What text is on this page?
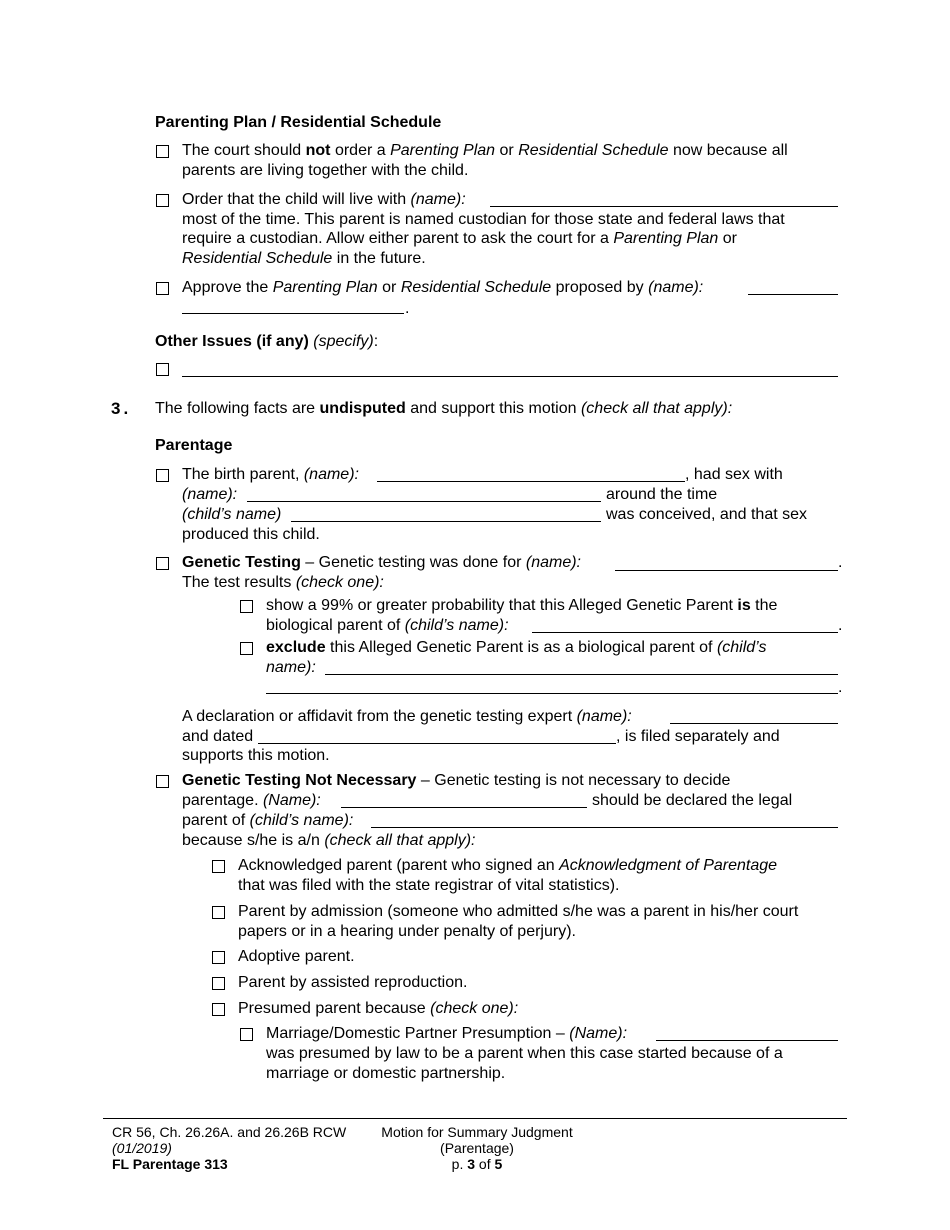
Parenting Plan / Residential Schedule
The court should not order a Parenting Plan or Residential Schedule now because all
parents are living together with the child.
Order that the child will live with (name):
most of the time. This parent is named custodian for those state and federal laws that
require a custodian. Allow either parent to ask the court for a Parenting Plan or
Residential Schedule in the future.
Approve the Parenting Plan or Residential Schedule proposed by (name):
.
Other Issues (if any) (specify):
3. The following facts are undisputed and support this motion (check all that apply):
Parentage
The birth parent, (name):	, had sex with
(name):	around the time
(child’s name)	was conceived, and that sex
produced this child.
Genetic Testing – Genetic testing was done for (name):	.
The test results (check one):
show a 99% or greater probability that this Alleged Genetic Parent is the
biological parent of (child’s name):	.
exclude this Alleged Genetic Parent is as a biological parent of (child’s
name):
.
A declaration or affidavit from the genetic testing expert (name):
and dated	, is filed separately and
supports this motion.
Genetic Testing Not Necessary – Genetic testing is not necessary to decide
parentage. (Name):	should be declared the legal
parent of (child’s name):
because s/he is a/n (check all that apply):
Acknowledged parent (parent who signed an Acknowledgment of Parentage
that was filed with the state registrar of vital statistics).
Parent by admission (someone who admitted s/he was a parent in his/her court
papers or in a hearing under penalty of perjury).
Adoptive parent.
Parent by assisted reproduction.
Presumed parent because (check one):
Marriage/Domestic Partner Presumption – (Name):
was presumed by law to be a parent when this case started because of a
marriage or domestic partnership.
CR 56, Ch. 26.26A. and 26.26B RCW
(01/2019)
FL Parentage 313
Motion for Summary Judgment
(Parentage)
p. 3 of 5
